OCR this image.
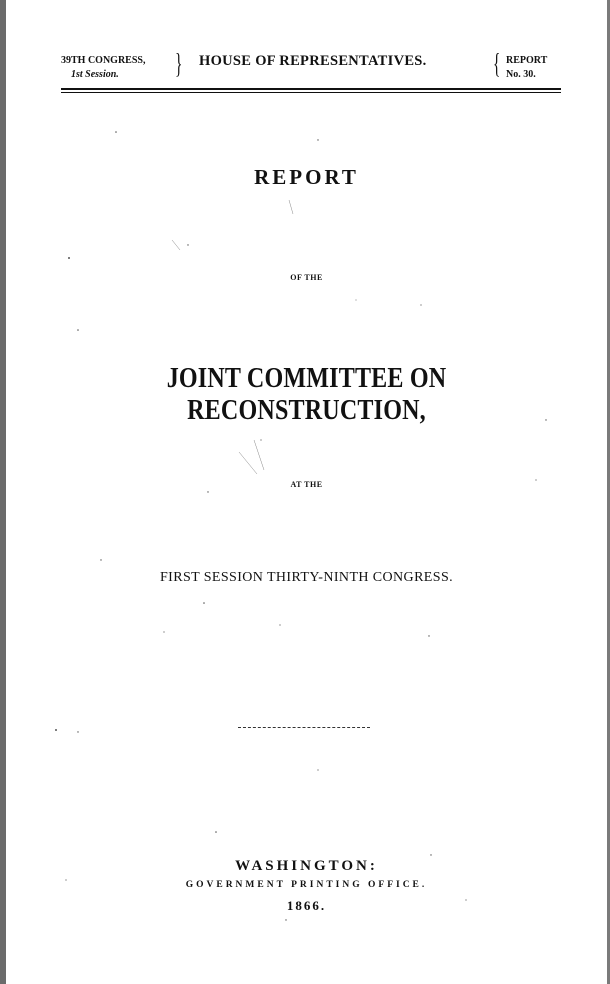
39TH CONGRESS,
1st Session.	} HOUSE OF REPRESENTATIVES. { REPORT
No. 30.
REPORT
OF THE
JOINT COMMITTEE ON RECONSTRUCTION,
AT THE
FIRST SESSION THIRTY-NINTH CONGRESS.
WASHINGTON:
GOVERNMENT PRINTING OFFICE.
1866.
